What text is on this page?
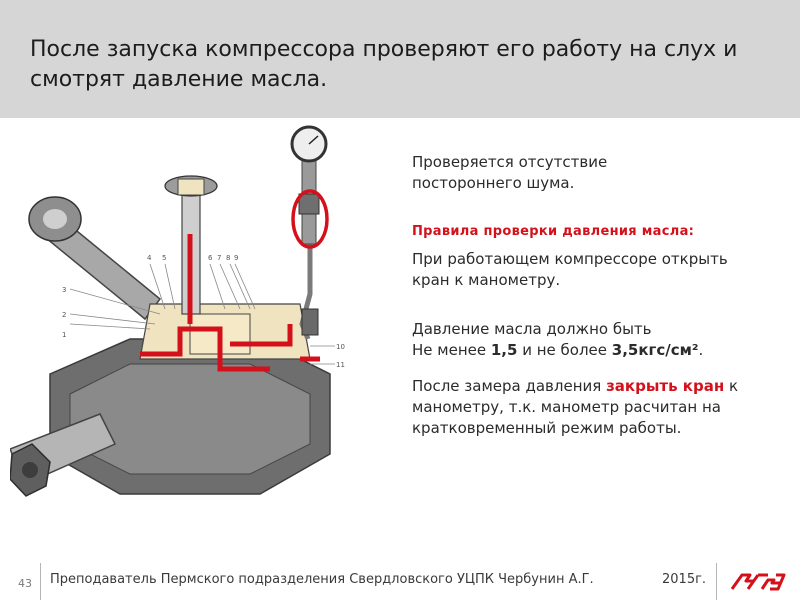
После запуска компрессора проверяют его работу на слух и смотрят давление масла.
1
2
3
4 5	6 7 8 9
10
11
Проверяется отсутствие постороннего шума.
Правила проверки давления масла:
При работающем компрессоре открыть кран к манометру.
Давление масла должно быть
Не менее 1,5 и не более 3,5кгс/см².
После замера давления закрыть кран к манометру, т.к. манометр расчитан на кратковременный режим работы.
43 Преподаватель Пермского подразделения Свердловского УЦПК Чербунин А.Г.	2015г.
